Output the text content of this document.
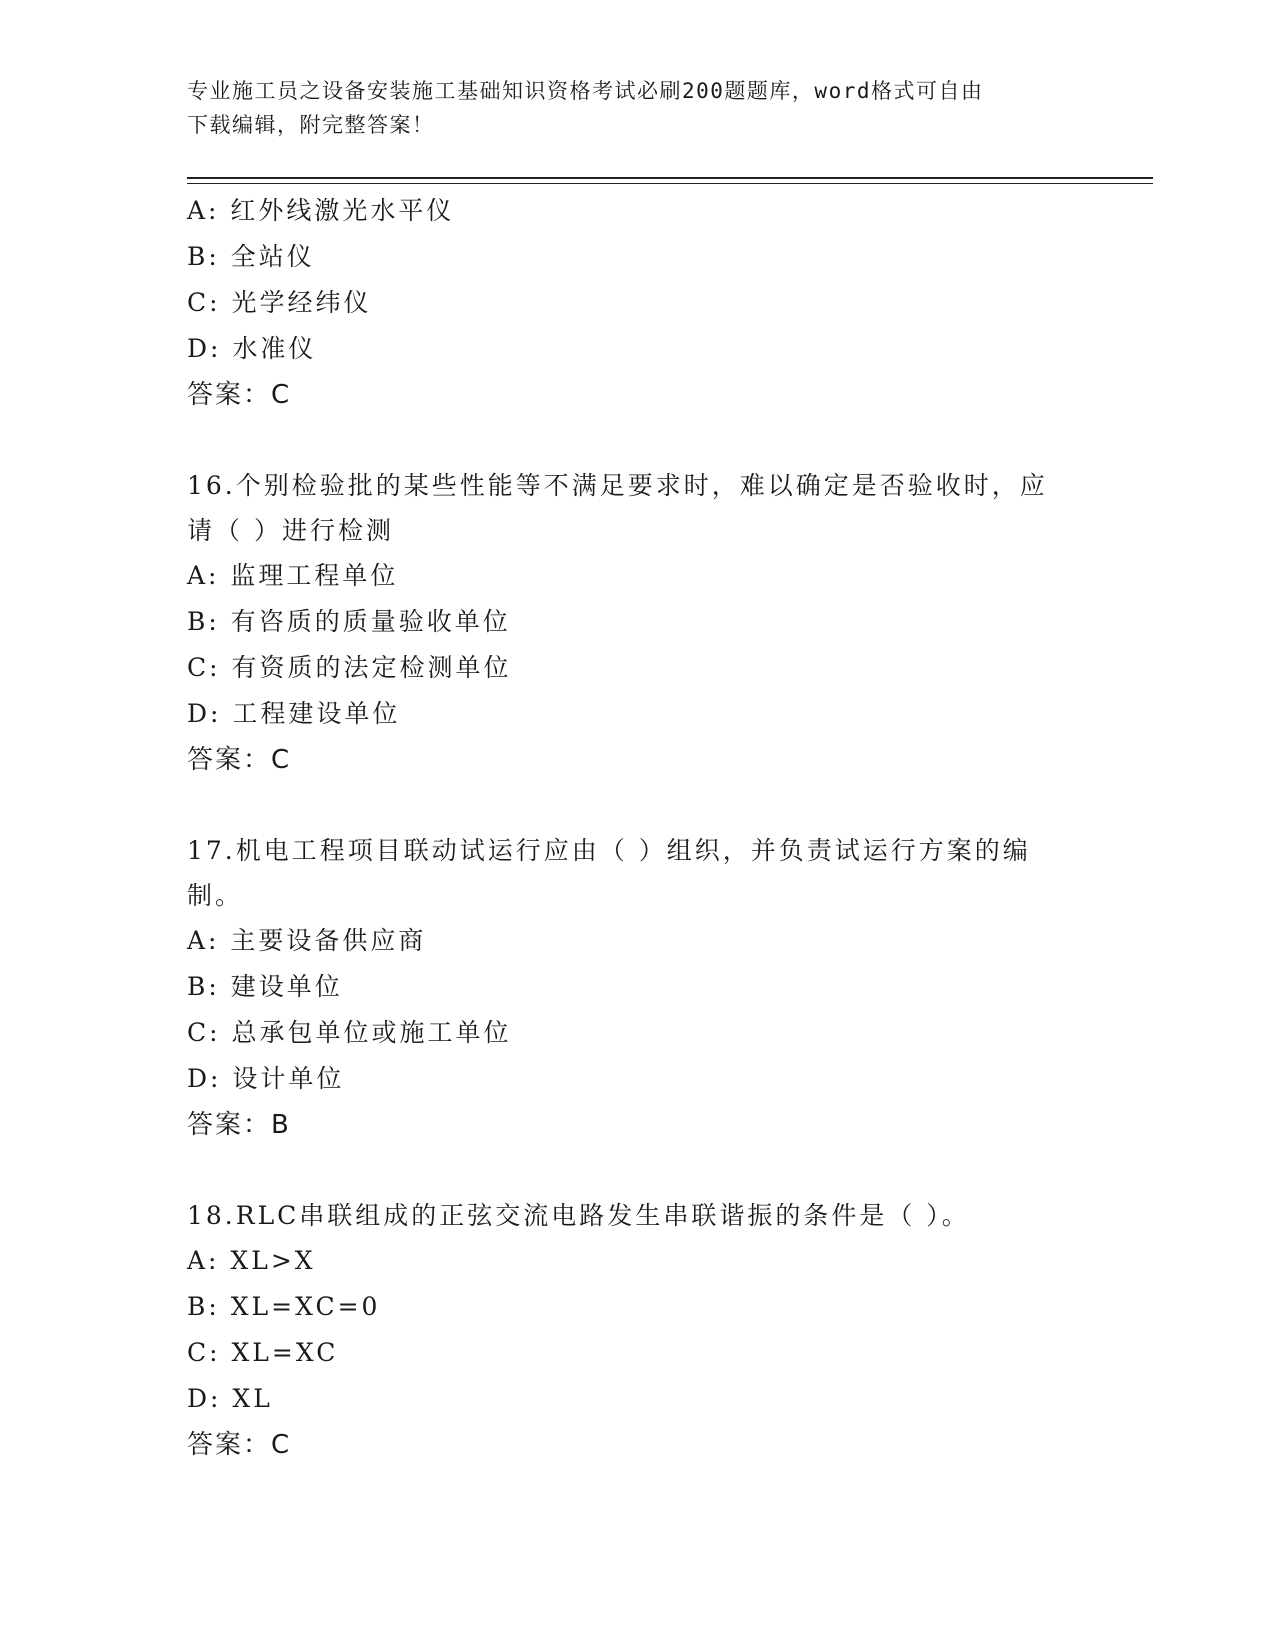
专业施工员之设备安装施工基础知识资格考试必刷200题题库，word格式可自由
下载编辑，附完整答案！
A: 红外线激光水平仪
B: 全站仪
C: 光学经纬仪
D: 水准仪
答案：C
16.个别检验批的某些性能等不满足要求时，难以确定是否验收时，应
请（ ）进行检测
A: 监理工程单位
B: 有咨质的质量验收单位
C: 有资质的法定检测单位
D: 工程建设单位
答案：C
17.机电工程项目联动试运行应由（ ）组织，并负责试运行方案的编
制。
A: 主要设备供应商
B: 建设单位
C: 总承包单位或施工单位
D: 设计单位
答案：B
18.RLC串联组成的正弦交流电路发生串联谐振的条件是（ ）。
A: XL>X
B: XL=XC=0
C: XL=XC
D: XL
答案：C
